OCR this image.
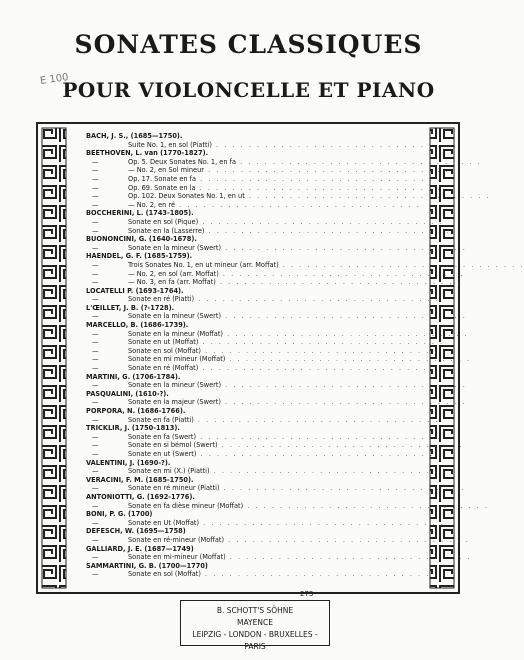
E 100
SONATES CLASSIQUES
POUR VIOLONCELLE ET PIANO
BACH, J. S., (1685—1750).
Suite No. 1, en sol (Piatti) . . . . . . . . . . . . . . . . . . . . . . . . . . . . . .
BEETHOVEN, L. van (1770-1827).
—	Op. 5. Deux Sonates No. 1, en fa . . . . . . . . . . . . . . . . . . . . . . . . . . . . . .
—	— No. 2, en Sol mineur . . . . . . . . . . . . . . . . . . . . . . . . . . . . . .
—	Op. 17. Sonate en fa . . . . . . . . . . . . . . . . . . . . . . . . . . . . . .
—	Op. 69. Sonate en la . . . . . . . . . . . . . . . . . . . . . . . . . . . . . .
—	Op. 102. Deux Sonates No. 1, en ut . . . . . . . . . . . . . . . . . . . . . . . . . . . . . .
—	— No. 2, en ré . . . . . . . . . . . . . . . . . . . . . . . . . . . . . .
BOCCHERINI, L. (1743-1805).
—	Sonate en sol (Pique) . . . . . . . . . . . . . . . . . . . . . . . . . . . . . .
—	Sonate en la (Lasserre) . . . . . . . . . . . . . . . . . . . . . . . . . . . . . .
BUONONCINI, G. (1640-1678).
—	Sonate en la mineur (Swert) . . . . . . . . . . . . . . . . . . . . . . . . . . . . . .
HAENDEL, G. F. (1685-1759).
—	Trois Sonates No. 1, en ut mineur (arr. Moffat) . . . . . . . . . . . . . . . . . . . . . . . . . . . . . .
—	— No. 2, en sol (arr. Moffat) . . . . . . . . . . . . . . . . . . . . . . . . . . . . . .
—	— No. 3, en fa (arr. Moffat) . . . . . . . . . . . . . . . . . . . . . . . . . . . . . .
LOCATELLI P. (1693-1764).
—	Sonate en ré (Piatti) . . . . . . . . . . . . . . . . . . . . . . . . . . . . . .
L'ŒILLET, J. B. (?-1728).
—	Sonate en la mineur (Swert) . . . . . . . . . . . . . . . . . . . . . . . . . . . . . .
MARCELLO, B. (1686-1739).
—	Sonate en la mineur (Moffat) . . . . . . . . . . . . . . . . . . . . . . . . . . . . . .
—	Sonate en ut (Moffat) . . . . . . . . . . . . . . . . . . . . . . . . . . . . . .
—	Sonate en sol (Moffat) . . . . . . . . . . . . . . . . . . . . . . . . . . . . . .
—	Sonate en mi mineur (Moffat) . . . . . . . . . . . . . . . . . . . . . . . . . . . . . .
—	Sonate en ré (Moffat) . . . . . . . . . . . . . . . . . . . . . . . . . . . . . .
MARTINI, G. (1706-1784).
—	Sonate en la mineur (Swert) . . . . . . . . . . . . . . . . . . . . . . . . . . . . . .
PASQUALINI, (1610-?).
—	Sonate en la majeur (Swert) . . . . . . . . . . . . . . . . . . . . . . . . . . . . . .
PORPORA, N. (1686-1766).
—	Sonate en fa (Piatti) . . . . . . . . . . . . . . . . . . . . . . . . . . . . . .
TRICKLIR, J. (1750-1813).
—	Sonate en fa (Swert) . . . . . . . . . . . . . . . . . . . . . . . . . . . . . .
—	Sonate en si bémol (Swert) . . . . . . . . . . . . . . . . . . . . . . . . . . . . . .
—	Sonate en ut (Swert) . . . . . . . . . . . . . . . . . . . . . . . . . . . . . .
VALENTINI, J. (1690-?).
—	Sonate en mi (X.) (Piatti) . . . . . . . . . . . . . . . . . . . . . . . . . . . . . .
VERACINI, F. M. (1685-1750).
—	Sonate en ré mineur (Piatti) . . . . . . . . . . . . . . . . . . . . . . . . . . . . . .
ANTONIOTTI, G. (1692-1776).
—	Sonate en fa dièse mineur (Moffat) . . . . . . . . . . . . . . . . . . . . . . . . . . . . . .
BONI, P. G. (1700)
—	Sonate en Ut (Moffat) . . . . . . . . . . . . . . . . . . . . . . . . . . . . . .
DEFESCH, W. (1695—1758)
—	Sonate en ré-mineur (Moffat) . . . . . . . . . . . . . . . . . . . . . . . . . . . . . .
GALLIARD, J. E. (1687—1749)
—	Sonate en mi-mineur (Moffat) . . . . . . . . . . . . . . . . . . . . . . . . . . . . . .
SAMMARTINI, G. B. (1700—1770)
—	Sonate en sol (Moffat) . . . . . . . . . . . . . . . . . . . . . . . . . . . . . .
273
B. SCHOTT'S SÖHNE
MAYENCE
LEIPZIG - LONDON - BRUXELLES - PARIS
